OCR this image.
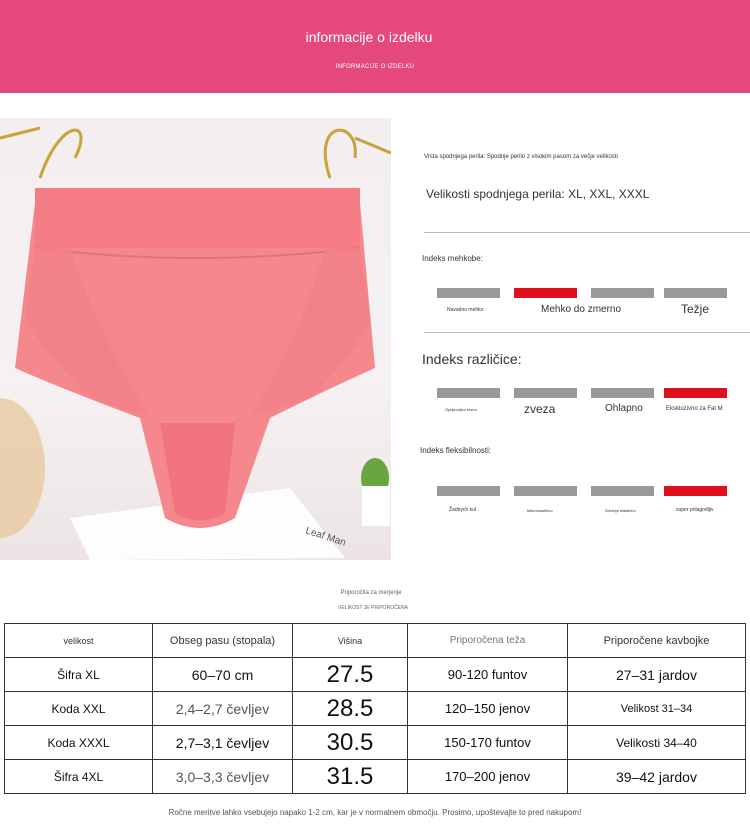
informacije o izdelku
INFORMACIJE O IZDELKU
Leaf Man
Vrsta spodnjega perila: Spodnje perilo z visokim pasom za večje velikosti
Velikosti spodnjega perila: XL, XXL, XXXL
Indeks mehkobe:
Navadno mehko	Mehko do zmerno	Težje
Indeks različice:
Oprijemljivo tesno	zveza	Ohlapno	Ekskluzivno za Fat M
Indeks fleksibilnosti:
Žadnych kul	Mikroelastično	Srednje elastično	super prilagodljiv
Priporočila za merjenje
VELIKOST JE PRIPOROČENA
velikost	Obseg pasu (stopala)	Višina	Priporočena teža	Priporočene kavbojke
Šifra XL	60–70 cm	27.5	90-120 funtov	27–31 jardov
Koda XXL	2,4–2,7 čevljev	28.5	120–150 jenov	Velikost 31–34
Koda XXXL	2,7–3,1 čevljev	30.5	150-170 funtov	Velikosti 34–40
Šifra 4XL	3,0–3,3 čevljev	31.5	170–200 jenov	39–42 jardov
Ročne meritve lahko vsebujejo napako 1-2 cm, kar je v normalnem območju. Prosimo, upoštevajte to pred nakupom!
